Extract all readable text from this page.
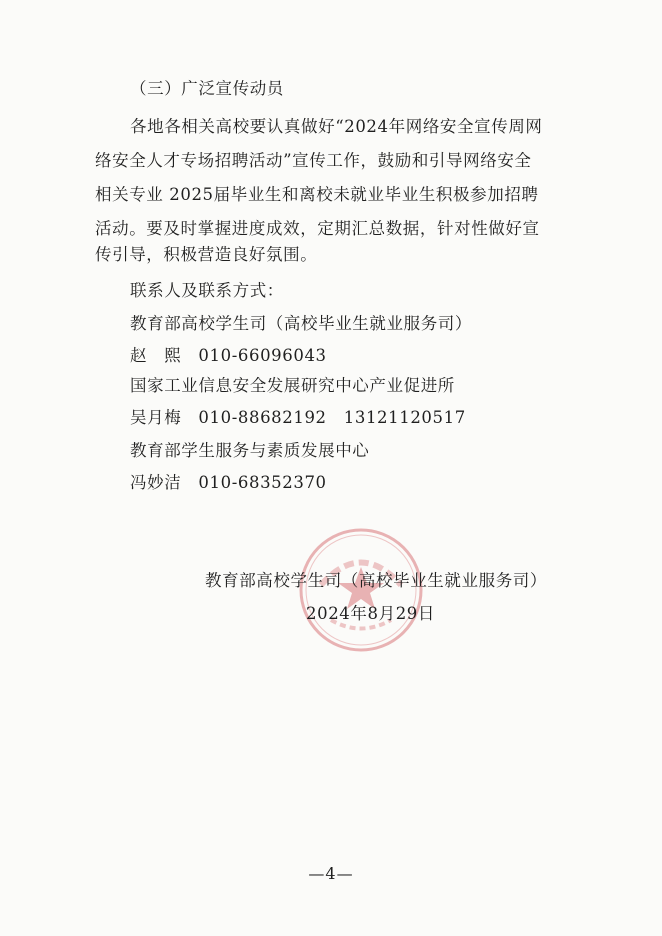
（三）广泛宣传动员
各地各相关高校要认真做好“2024年网络安全宣传周网
络安全人才专场招聘活动”宣传工作，鼓励和引导网络安全
相关专业 2025届毕业生和离校未就业毕业生积极参加招聘
活动。要及时掌握进度成效，定期汇总数据，针对性做好宣
传引导，积极营造良好氛围。
联系人及联系方式：
教育部高校学生司（高校毕业生就业服务司）
赵　熙　010-66096043
国家工业信息安全发展研究中心产业促进所
吴月梅　010-88682192　13121120517
教育部学生服务与素质发展中心
冯妙洁　010-68352370
教育部高校学生司（高校毕业生就业服务司）
2024年8月29日
—4—
